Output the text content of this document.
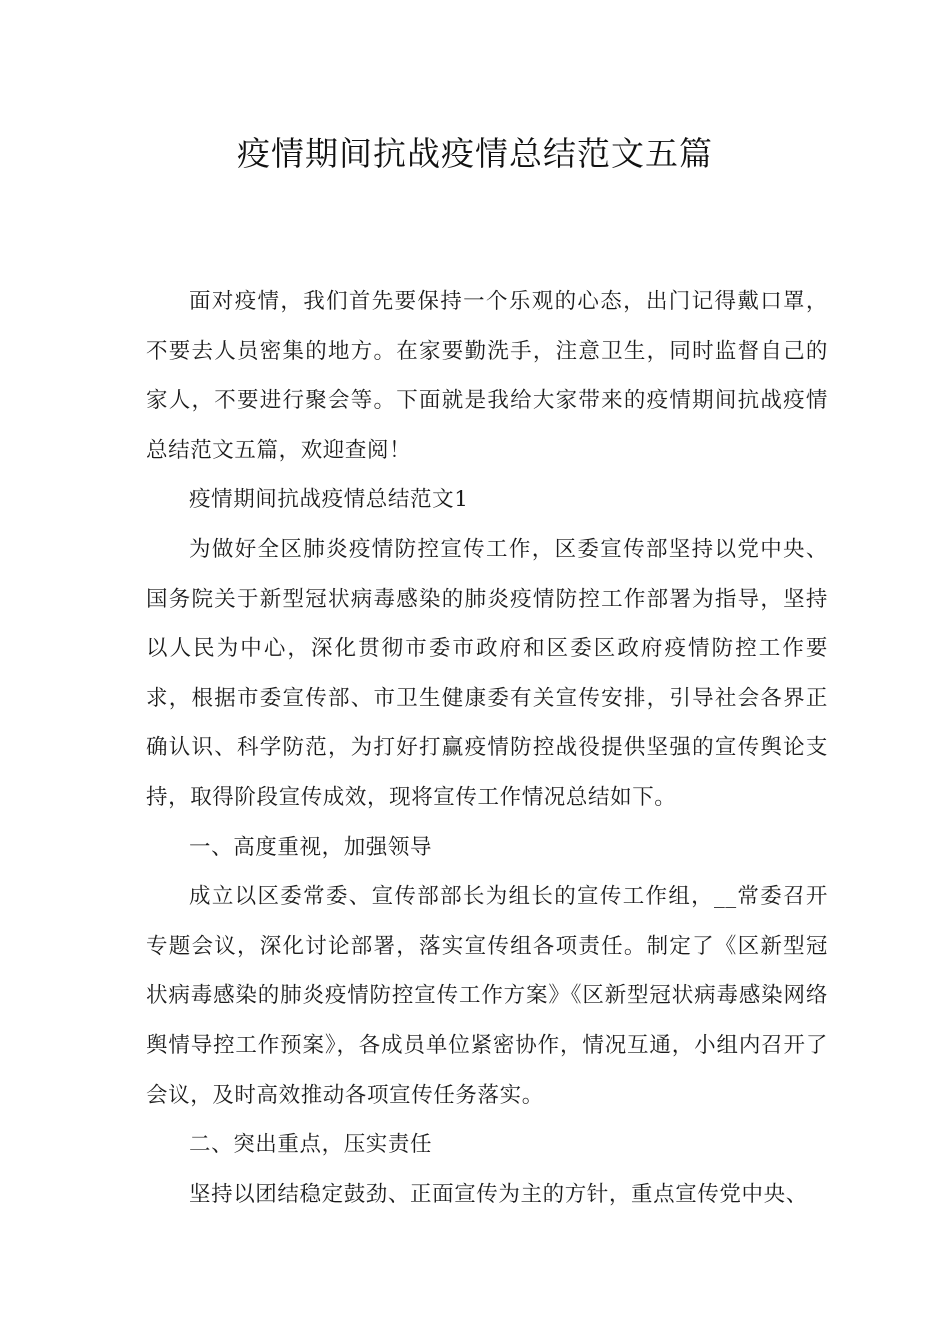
疫情期间抗战疫情总结范文五篇

面对疫情，我们首先要保持一个乐观的心态，出门记得戴口罩，不要去人员密集的地方。在家要勤洗手，注意卫生，同时监督自己的家人，不要进行聚会等。下面就是我给大家带来的疫情期间抗战疫情总结范文五篇，欢迎查阅！

疫情期间抗战疫情总结范文1

为做好全区肺炎疫情防控宣传工作，区委宣传部坚持以党中央、国务院关于新型冠状病毒感染的肺炎疫情防控工作部署为指导，坚持以人民为中心，深化贯彻市委市政府和区委区政府疫情防控工作要求，根据市委宣传部、市卫生健康委有关宣传安排，引导社会各界正确认识、科学防范，为打好打赢疫情防控战役提供坚强的宣传舆论支持，取得阶段宣传成效，现将宣传工作情况总结如下。

一、高度重视，加强领导

成立以区委常委、宣传部部长为组长的宣传工作组，__常委召开专题会议，深化讨论部署，落实宣传组各项责任。制定了《区新型冠状病毒感染的肺炎疫情防控宣传工作方案》《区新型冠状病毒感染网络舆情导控工作预案》，各成员单位紧密协作，情况互通，小组内召开了会议，及时高效推动各项宣传任务落实。

二、突出重点，压实责任

坚持以团结稳定鼓劲、正面宣传为主的方针，重点宣传党中央、
